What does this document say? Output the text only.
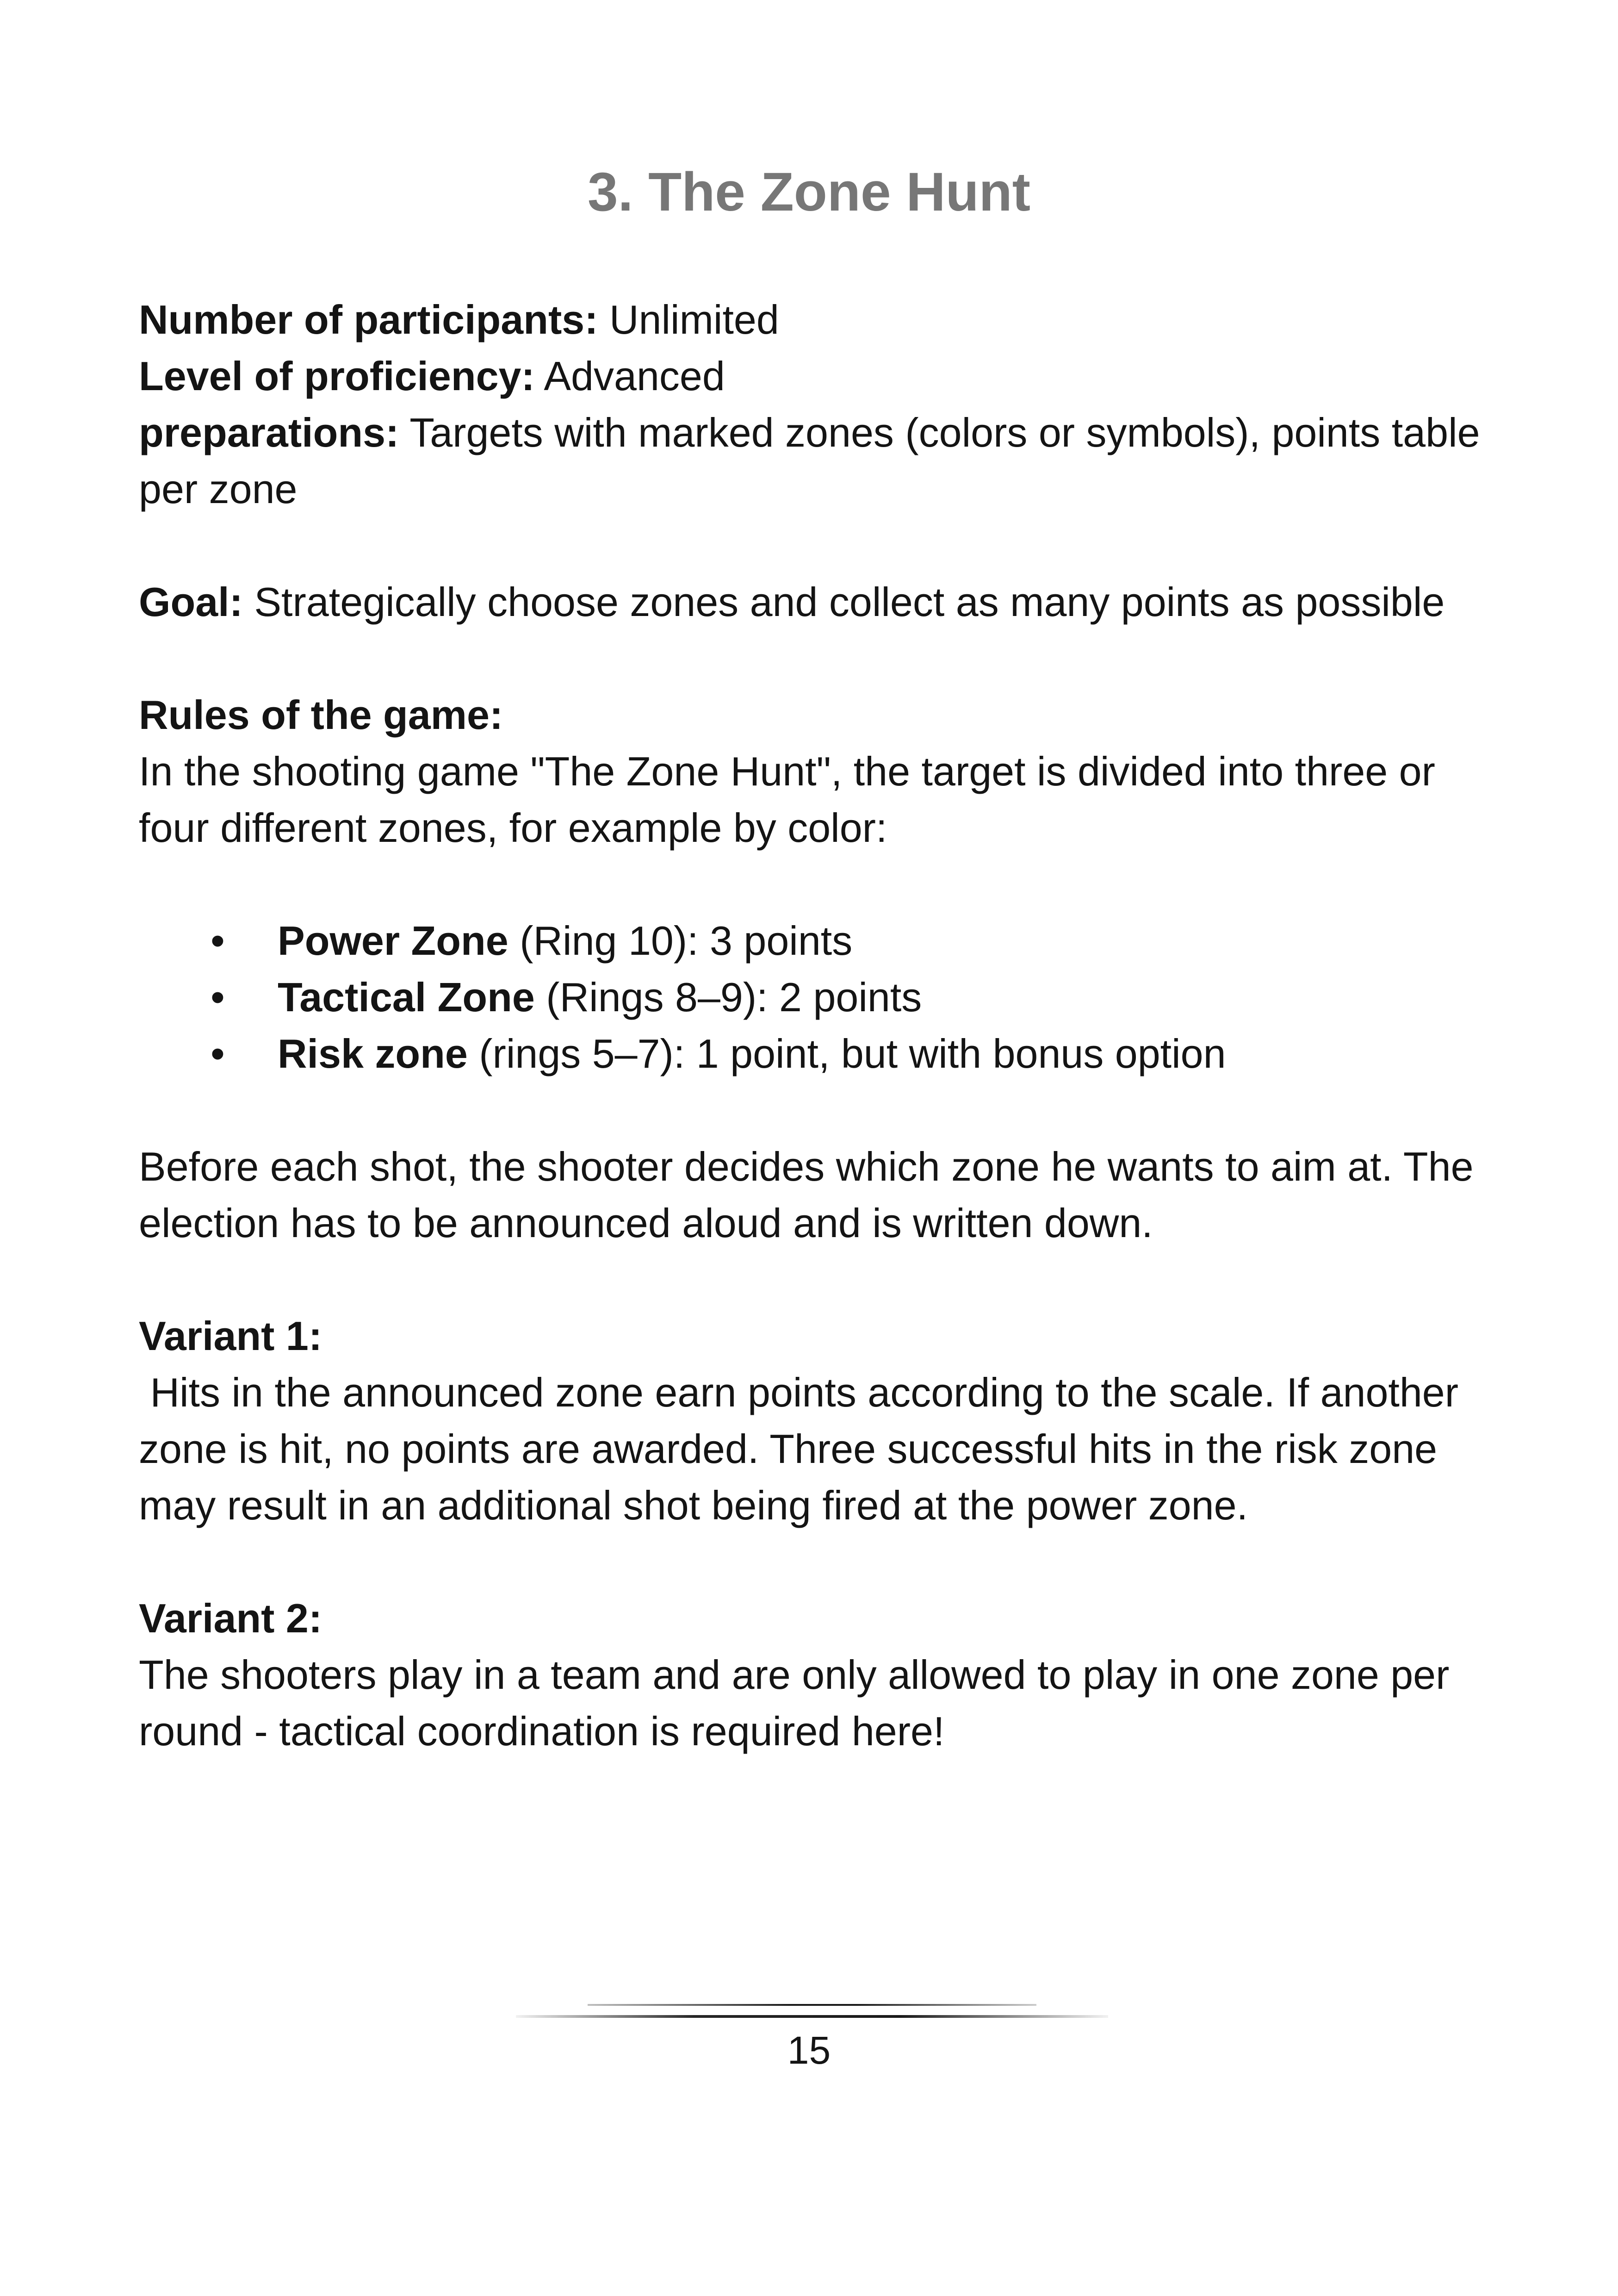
3. The Zone Hunt

Number of participants: Unlimited

Level of proficiency: Advanced

preparations: Targets with marked zones (colors or symbols), points table per zone

Goal: Strategically choose zones and collect as many points as possible

Rules of the game:

In the shooting game "The Zone Hunt", the target is divided into three or four different zones, for example by color:

• Power Zone (Ring 10): 3 points
• Tactical Zone (Rings 8–9): 2 points
• Risk zone (rings 5–7): 1 point, but with bonus option

Before each shot, the shooter decides which zone he wants to aim at. The election has to be announced aloud and is written down.

Variant 1:

Hits in the announced zone earn points according to the scale. If another zone is hit, no points are awarded. Three successful hits in the risk zone may result in an additional shot being fired at the power zone.

Variant 2:

The shooters play in a team and are only allowed to play in one zone per round - tactical coordination is required here!

15
